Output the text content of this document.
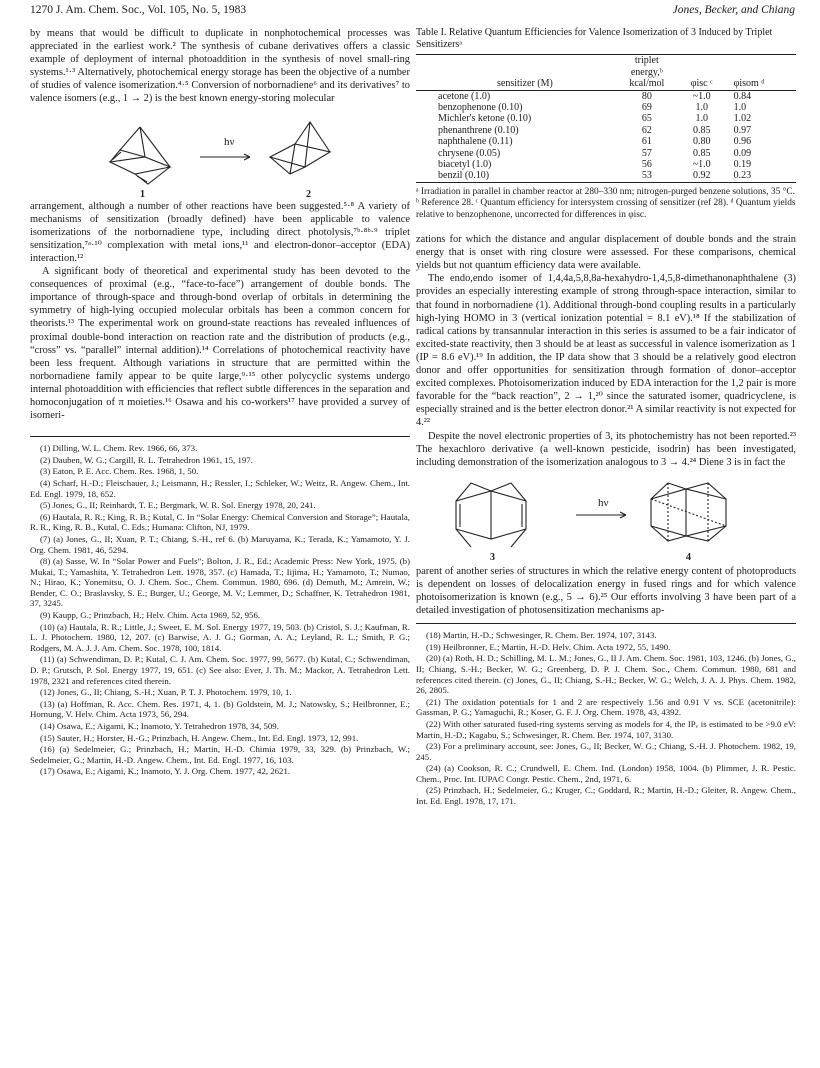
1270 J. Am. Chem. Soc., Vol. 105, No. 5, 1983	Jones, Becker, and Chiang

by means that would be difficult to duplicate in nonphotochemical processes was appreciated in the earliest work.² The synthesis of cubane derivatives offers a classic example of deployment of internal photoaddition in the synthesis of novel small-ring systems.¹·³ Alternatively, photochemical energy storage has been the objective of a number of studies of valence isomerization.⁴·⁵ Conversion of norbornadiene⁶ and its derivatives⁷ to valence isomers (e.g., 1 → 2) is the best known energy-storing molecular

hν
1	2

arrangement, although a number of other reactions have been suggested.⁵·⁸ A variety of mechanisms of sensitization (broadly defined) have been applicable to valence isomerizations of the norbornadiene type, including direct photolysis,⁷ᵇ·⁸ᵇ·⁹ triplet sensitization,⁷ᵃ·¹⁰ complexation with metal ions,¹¹ and electron-donor–acceptor (EDA) interaction.¹²

A significant body of theoretical and experimental study has been devoted to the consequences of proximal (e.g., “face-to-face”) arrangement of double bonds. The importance of through-space and through-bond overlap of orbitals in determining the symmetry of high-lying occupied molecular orbitals has been a common concern for theorists.¹³ The experimental work on ground-state reactions has revealed influences of proximal double-bond interaction on reaction rate and the distribution of products (e.g., “cross” vs. “parallel” internal addition).¹⁴ Correlations of photochemical reactivity have been less frequent. Although variations in structure that are permitted within the norbornadiene family appear to be quite large,⁹·¹⁵ other polycyclic systems undergo internal photoaddition with efficiencies that reflect subtle differences in the separation and homoconjugation of π moieties.¹⁶ Osawa and his co-workers¹⁷ have provided a survey of isomeri-

(1) Dilling, W. L. Chem. Rev. 1966, 66, 373.

(2) Dauben, W. G.; Cargill, R. L. Tetrahedron 1961, 15, 197.

(3) Eaton, P. E. Acc. Chem. Res. 1968, 1, 50.

(4) Scharf, H.-D.; Fleischauer, J.; Leismann, H.; Ressler, I.; Schleker, W.; Weitz, R. Angew. Chem., Int. Ed. Engl. 1979, 18, 652.

(5) Jones, G., II; Reinhardt, T. E.; Bergmark, W. R. Sol. Energy 1978, 20, 241.

(6) Hautala, R. R.; King, R. B.; Kutal, C. In “Solar Energy: Chemical Conversion and Storage”; Hautala, R. R., King, R. B., Kutal, C. Eds.; Humana: Clifton, NJ, 1979.

(7) (a) Jones, G., II; Xuan, P. T.; Chiang, S.-H., ref 6. (b) Maruyama, K.; Terada, K.; Yamamoto, Y. J. Org. Chem. 1981, 46, 5294.

(8) (a) Sasse, W. In “Solar Power and Fuels”; Bolton, J. R., Ed.; Academic Press: New York, 1975. (b) Mukai, T.; Yamashita, Y. Tetrahedron Lett. 1978, 357. (c) Hamada, T.; Iijima, H.; Yamamoto, T.; Numao, N.; Hirao, K.; Yonemitsu, O. J. Chem. Soc., Chem. Commun. 1980, 696. (d) Demuth, M.; Amrein, W.; Bender, C. O.; Braslavsky, S. E.; Burger, U.; George, M. V.; Lemmer, D.; Schaffner, K. Tetrahedron 1981, 37, 3245.

(9) Kaupp, G.; Prinzbach, H.; Helv. Chim. Acta 1969, 52, 956.

(10) (a) Hautala, R. R.; Little, J.; Sweet, E. M. Sol. Energy 1977, 19, 503. (b) Cristol, S. J.; Kaufman, R. L. J. Photochem. 1980, 12, 207. (c) Barwise, A. J. G.; Gorman, A. A.; Leyland, R. L.; Smith, P. G.; Rodgers, M. A. J. J. Am. Chem. Soc. 1978, 100, 1814.

(11) (a) Schwendiman, D. P.; Kutal, C. J. Am. Chem. Soc. 1977, 99, 5677. (b) Kutal, C.; Schwendiman, D. P.; Grutsch, P. Sol. Energy 1977, 19, 651. (c) See also: Ever, J. Th. M.; Mackor, A. Tetrahedron Lett. 1978, 2321 and references cited therein.

(12) Jones, G., II; Chiang, S.-H.; Xuan, P. T. J. Photochem. 1979, 10, 1.

(13) (a) Hoffman, R. Acc. Chem. Res. 1971, 4, 1. (b) Goldstein, M. J.; Natowsky, S.; Heilbronner, E.; Hornung, V. Helv. Chim. Acta 1973, 56, 294.

(14) Osawa, E.; Aigami, K.; Inamoto, Y. Tetrahedron 1978, 34, 509.

(15) Sauter, H.; Horster, H.-G.; Prinzbach, H. Angew. Chem., Int. Ed. Engl. 1973, 12, 991.

(16) (a) Sedelmeier, G.; Prinzbach, H.; Martin, H.-D. Chimia 1979, 33, 329. (b) Prinzbach, W.; Sedelmeier, G.; Martin, H.-D. Angew. Chem., Int. Ed. Engl. 1977, 16, 103.

(17) Osawa, E.; Aigami, K.; Inamoto, Y. J. Org. Chem. 1977, 42, 2621.

Table I. Relative Quantum Efficiencies for Valence Isomerization of 3 Induced by Triplet Sensitizersᵃ
	triplet		
	energy,ᵇ		
sensitizer (M)	kcal/mol	φisc ᶜ	φisom ᵈ
acetone (1.0)	80	~1.0	0.84
benzophenone (0.10)	69	1.0	1.0
Michler's ketone (0.10)	65	1.0	1.02
phenanthrene (0.10)	62	0.85	0.97
naphthalene (0.11)	61	0.80	0.96
chrysene (0.05)	57	0.85	0.09
biacetyl (1.0)	56	~1.0	0.19
benzil (0.10)	53	0.92	0.23
ᵃ Irradiation in parallel in chamber reactor at 280–330 nm; nitrogen-purged benzene solutions, 35 °C. ᵇ Reference 28. ᶜ Quantum efficiency for intersystem crossing of sensitizer (ref 28). ᵈ Quantum yields relative to benzophenone, uncorrected for differences in φisc.

zations for which the distance and angular displacement of double bonds and the strain energy that is onset with ring closure were assessed. For these comparisons, chemical yields but not quantum efficiency data were available.

The endo,endo isomer of 1,4,4a,5,8,8a-hexahydro-1,4,5,8-dimethanonaphthalene (3) provides an especially interesting example of strong through-space interaction, similar to that found in norbornadiene (1). Additional through-bond coupling results in a particularly high-lying HOMO in 3 (vertical ionization potential = 8.1 eV).¹⁸ If the stabilization of radical cations by transannular interaction in this series is assumed to be a fair indicator of excited-state reactivity, then 3 should be at least as successful in valence isomerization as 1 (IP = 8.6 eV).¹⁹ In addition, the IP data show that 3 should be a relatively good electron donor and offer opportunities for sensitization through formation of donor–acceptor excited complexes. Photoisomerization induced by EDA interaction for the 1,2 pair is more favorable for the “back reaction”, 2 → 1,²⁰ since the saturated isomer, quadricyclene, is especially strained and is the better electron donor.²¹ A similar reactivity is not expected for 4.²²

Despite the novel electronic properties of 3, its photochemistry has not been reported.²³ The hexachloro derivative (a well-known pesticide, isodrin) has been investigated, including demonstration of the isomerization analogous to 3 → 4.²⁴ Diene 3 is in fact the

hν
3	4

parent of another series of structures in which the relative energy content of photoproducts is dependent on losses of delocalization energy in fused rings and for which valence photoisomerization is known (e.g., 5 → 6).²⁵ Our efforts involving 3 have been part of a detailed investigation of photosensitization mechanisms ap-

(18) Martin, H.-D.; Schwesinger, R. Chem. Ber. 1974, 107, 3143.

(19) Heilbronner, E.; Martin, H.-D. Helv. Chim. Acta 1972, 55, 1490.

(20) (a) Roth, H. D.; Schilling, M. L. M.; Jones, G., II J. Am. Chem. Soc. 1981, 103, 1246. (b) Jones, G., II; Chiang, S.-H.; Becker, W. G.; Greenberg, D. P. J. Chem. Soc., Chem. Commun. 1980, 681 and references cited therein. (c) Jones, G., II; Chiang, S.-H.; Becker, W. G.; Welch, J. A. J. Phys. Chem. 1982, 26, 2805.

(21) The oxidation potentials for 1 and 2 are respectively 1.56 and 0.91 V vs. SCE (acetonitrile): Gassman, P. G.; Yamaguchi, R.; Koser, G. F. J. Org. Chem. 1978, 43, 4392.

(22) With other saturated fused-ring systems serving as models for 4, the IPᵥ is estimated to be >9.0 eV: Martin, H.-D.; Kagabu, S.; Schwesinger, R. Chem. Ber. 1974, 107, 3130.

(23) For a preliminary account, see: Jones, G., II; Becker, W. G.; Chiang, S.-H. J. Photochem. 1982, 19, 245.

(24) (a) Cookson, R. C.; Crundwell, E. Chem. Ind. (London) 1958, 1004. (b) Plimmer, J. R. Pestic. Chem., Proc. Int. IUPAC Congr. Pestic. Chem., 2nd, 1971, 6.

(25) Prinzbach, H.; Sedelmeier, G.; Kruger, C.; Goddard, R.; Martin, H.-D.; Gleiter, R. Angew. Chem., Int. Ed. Engl. 1978, 17, 171.
